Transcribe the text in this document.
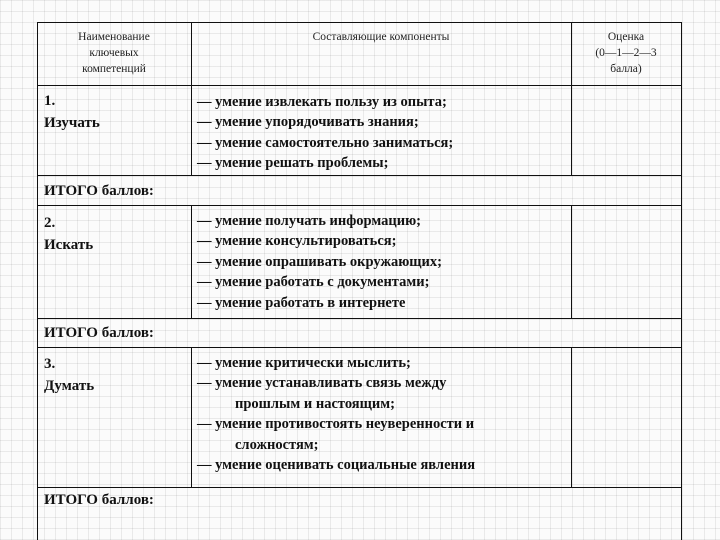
Наименование
ключевых
компетенций
Составляющие компоненты	Оценка
(0—1—2—3
балла)
1.
Изучать
— умение извлекать пользу из опыта;
— умение упорядочивать знания;
— умение самостоятельно заниматься;
— умение решать проблемы;
ИТОГО баллов:
2.
Искать
— умение получать информацию;
— умение консультироваться;
— умение опрашивать окружающих;
— умение работать с документами;
— умение работать в интернете
ИТОГО баллов:
3.
Думать
— умение критически мыслить;
— умение устанавливать связь между
прошлым и настоящим;
— умение противостоять неуверенности и
сложностям;
— умение оценивать социальные явления
ИТОГО баллов:
